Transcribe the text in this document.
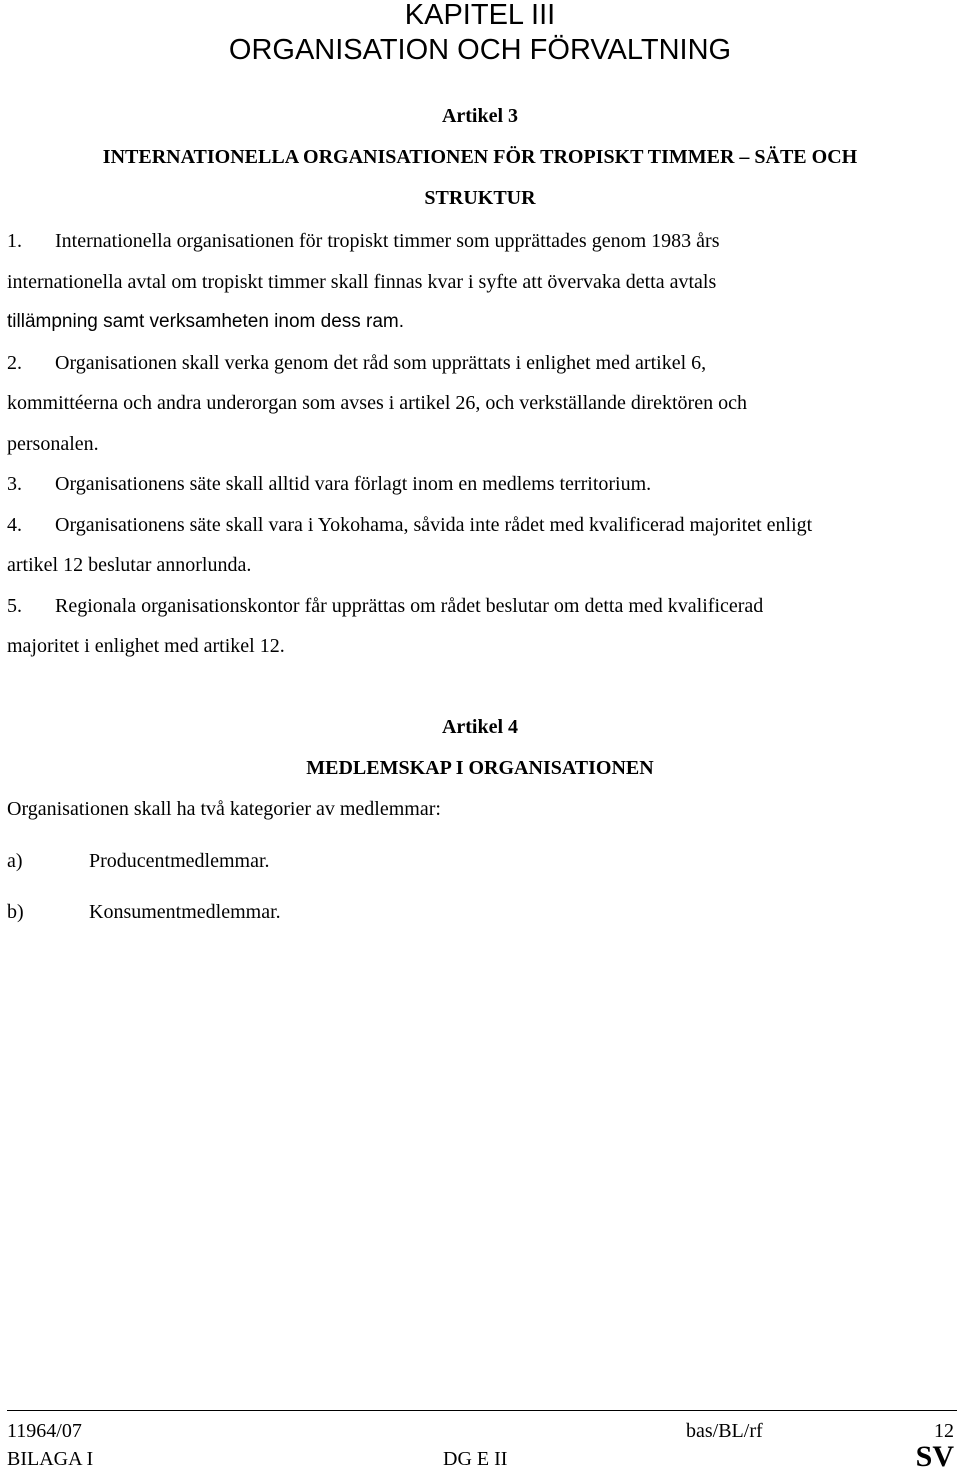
KAPITEL III
ORGANISATION OCH FÖRVALTNING
Artikel 3
INTERNATIONELLA ORGANISATIONEN FÖR TROPISKT TIMMER – SÄTE OCH
STRUKTUR
1. Internationella organisationen för tropiskt timmer som upprättades genom 1983 års
internationella avtal om tropiskt timmer skall finnas kvar i syfte att övervaka detta avtals
tillämpning samt verksamheten inom dess ram.
2. Organisationen skall verka genom det råd som upprättats i enlighet med artikel 6,
kommittéerna och andra underorgan som avses i artikel 26, och verkställande direktören och
personalen.
3. Organisationens säte skall alltid vara förlagt inom en medlems territorium.
4. Organisationens säte skall vara i Yokohama, såvida inte rådet med kvalificerad majoritet enligt
artikel 12 beslutar annorlunda.
5. Regionala organisationskontor får upprättas om rådet beslutar om detta med kvalificerad
majoritet i enlighet med artikel 12.
Artikel 4
MEDLEMSKAP I ORGANISATIONEN
Organisationen skall ha två kategorier av medlemmar:
a)	Producentmedlemmar.
b)	Konsumentmedlemmar.
11964/07	bas/BL/rf	12
BILAGA I	DG E II	SV
